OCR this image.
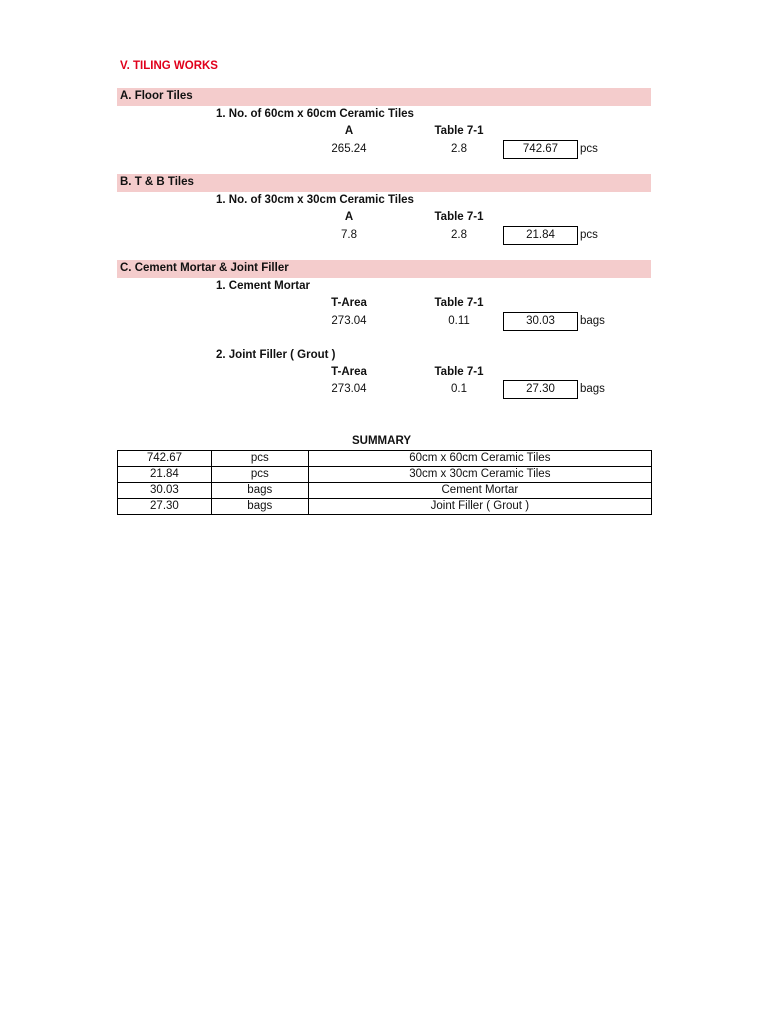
V. TILING WORKS
A. Floor Tiles
1. No. of 60cm x 60cm Ceramic Tiles
A	Table 7-1
265.24	2.8	742.67	pcs
B. T & B Tiles
1. No. of 30cm x 30cm Ceramic Tiles
A	Table 7-1
7.8	2.8	21.84	pcs
C. Cement Mortar & Joint Filler
1. Cement Mortar
T-Area	Table 7-1
273.04	0.11	30.03	bags
2. Joint Filler ( Grout )
T-Area	Table 7-1
273.04	0.1	27.30	bags
SUMMARY
742.67	pcs	60cm x 60cm Ceramic Tiles
21.84	pcs	30cm x 30cm Ceramic Tiles
30.03	bags	Cement Mortar
27.30	bags	Joint Filler ( Grout )
